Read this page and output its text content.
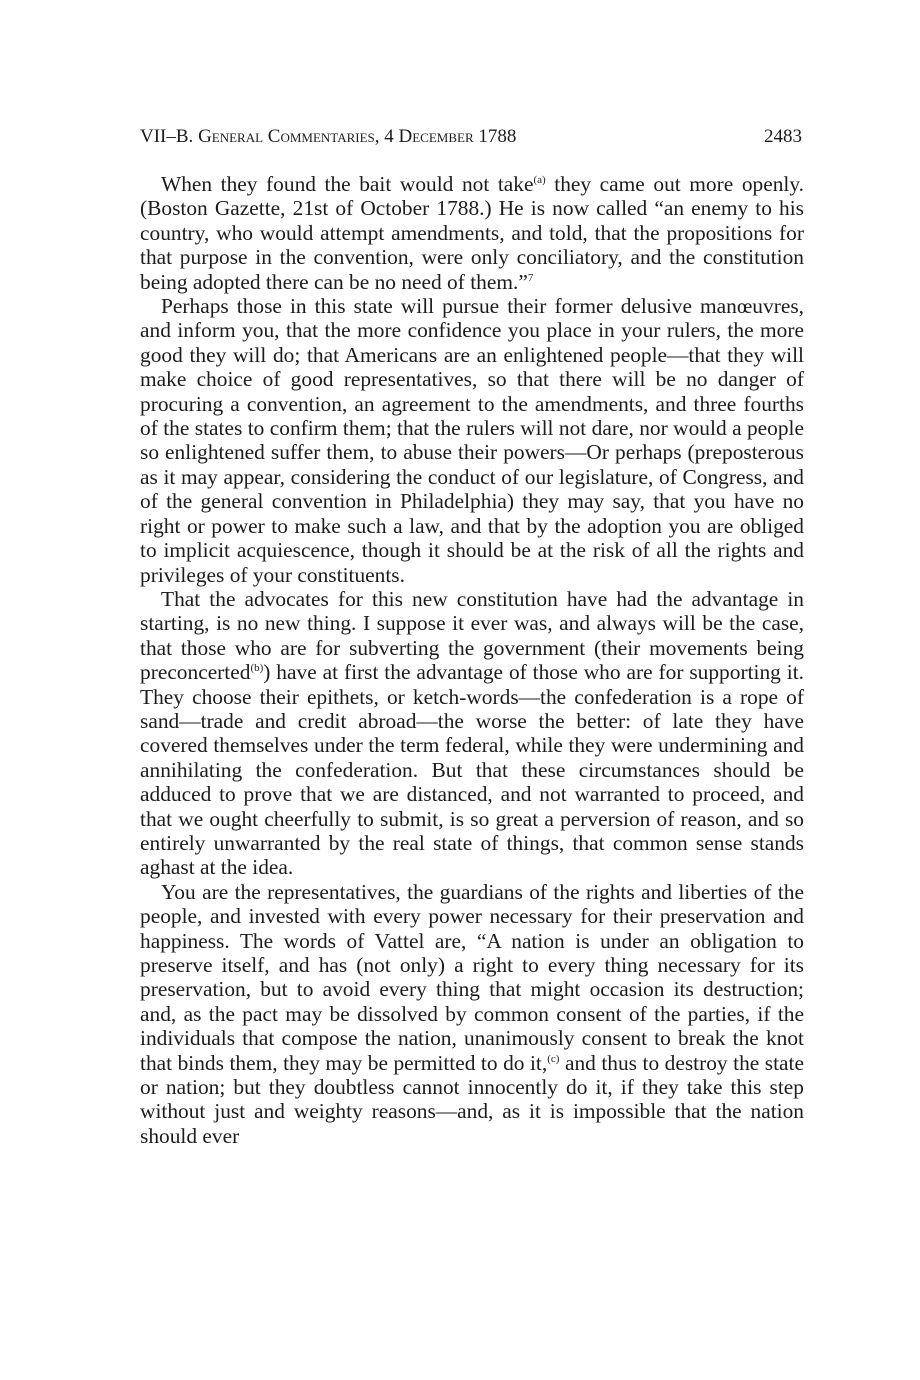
VII–B. General Commentaries, 4 December 1788	2483

When they found the bait would not take$^{(a)}$ they came out more openly. (Boston Gazette, 21st of October 1788.) He is now called “an enemy to his country, who would attempt amendments, and told, that the propositions for that purpose in the convention, were only conciliatory, and the constitution being adopted there can be no need of them.”$^7$

Perhaps those in this state will pursue their former delusive manœuvres, and inform you, that the more confidence you place in your rulers, the more good they will do; that Americans are an enlightened people—that they will make choice of good representatives, so that there will be no danger of procuring a convention, an agreement to the amendments, and three fourths of the states to confirm them; that the rulers will not dare, nor would a people so enlightened suffer them, to abuse their powers—Or perhaps (preposterous as it may appear, considering the conduct of our legislature, of Congress, and of the general convention in Philadelphia) they may say, that you have no right or power to make such a law, and that by the adoption you are obliged to implicit acquiescence, though it should be at the risk of all the rights and privileges of your constituents.

That the advocates for this new constitution have had the advantage in starting, is no new thing. I suppose it ever was, and always will be the case, that those who are for subverting the government (their movements being preconcerted$^{(b)}$) have at first the advantage of those who are for supporting it. They choose their epithets, or ketch-words—the confederation is a rope of sand—trade and credit abroad—the worse the better: of late they have covered themselves under the term federal, while they were undermining and annihilating the confederation. But that these circumstances should be adduced to prove that we are distanced, and not warranted to proceed, and that we ought cheerfully to submit, is so great a perversion of reason, and so entirely unwarranted by the real state of things, that common sense stands aghast at the idea.

You are the representatives, the guardians of the rights and liberties of the people, and invested with every power necessary for their preservation and happiness. The words of Vattel are, “A nation is under an obligation to preserve itself, and has (not only) a right to every thing necessary for its preservation, but to avoid every thing that might occasion its destruction; and, as the pact may be dissolved by common consent of the parties, if the individuals that compose the nation, unanimously consent to break the knot that binds them, they may be permitted to do it,$^{(c)}$ and thus to destroy the state or nation; but they doubtless cannot innocently do it, if they take this step without just and weighty reasons—and, as it is impossible that the nation should ever
